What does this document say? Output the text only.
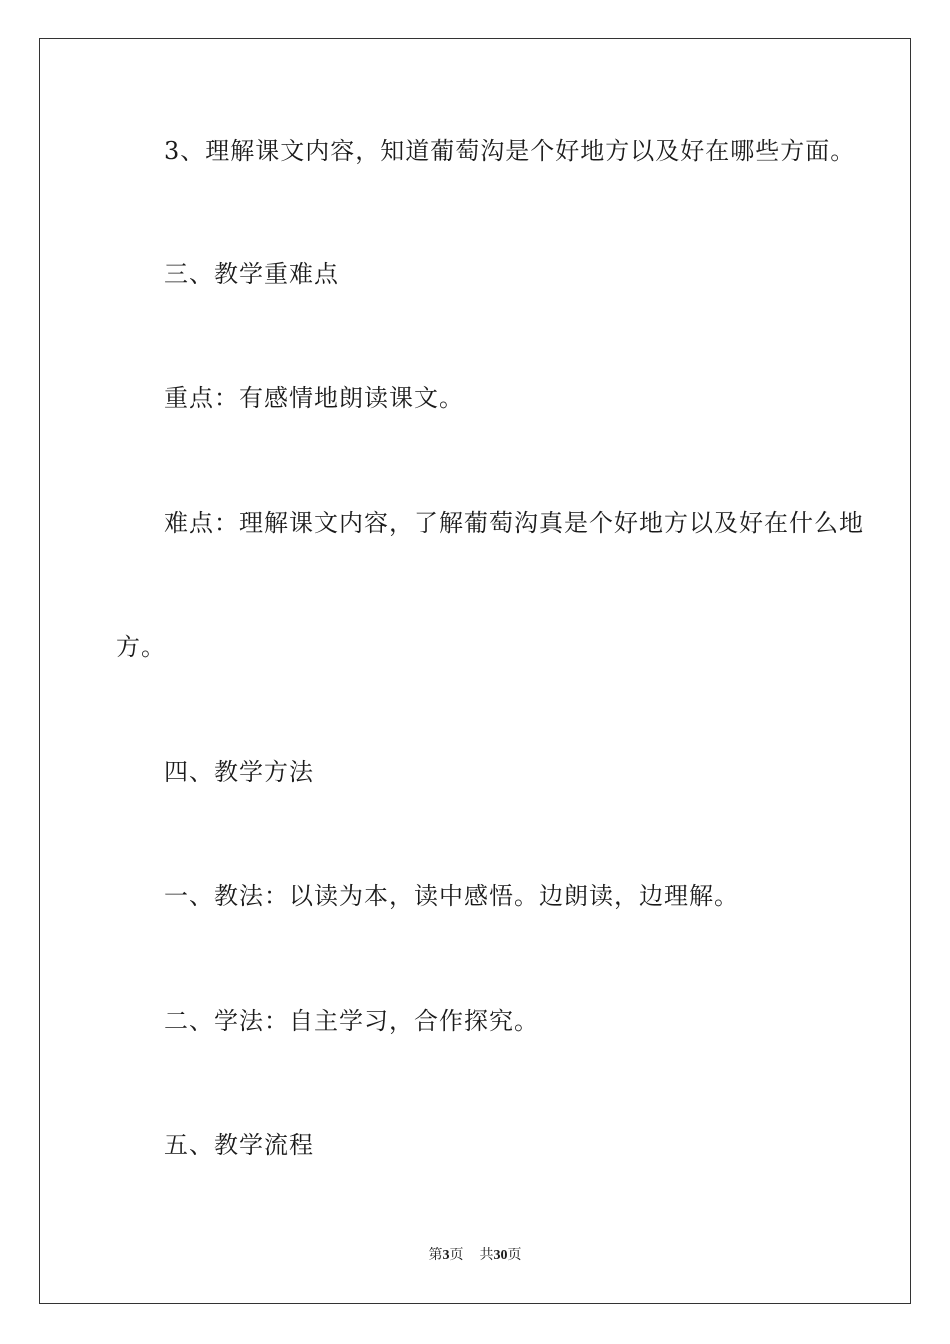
3、理解课文内容，知道葡萄沟是个好地方以及好在哪些方面。
三、教学重难点
重点：有感情地朗读课文。
难点：理解课文内容，了解葡萄沟真是个好地方以及好在什么地
方。
四、教学方法
一、教法：以读为本，读中感悟。边朗读，边理解。
二、学法：自主学习，合作探究。
五、教学流程
第3页 共30页
